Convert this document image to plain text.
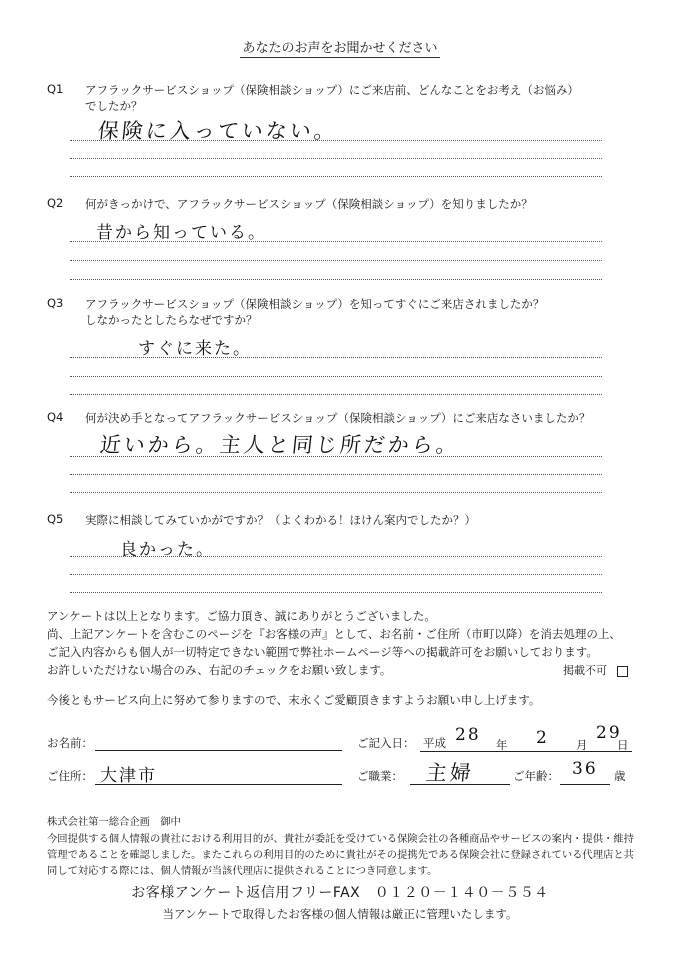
あなたのお声をお聞かせください
Q1 アフラックサービスショップ（保険相談ショップ）にご来店前、どんなことをお考え（お悩み）
でしたか？
保険に入っていない。
Q2 何がきっかけで、アフラックサービスショップ（保険相談ショップ）を知りましたか？
昔から知っている。
Q3 アフラックサービスショップ（保険相談ショップ）を知ってすぐにご来店されましたか？
しなかったとしたらなぜですか？
すぐに来た。
Q4 何が決め手となってアフラックサービスショップ（保険相談ショップ）にご来店なさいましたか？
近いから。主人と同じ所だから。
Q5 実際に相談してみていかがですか？（よくわかる！ほけん案内でしたか？）
良かった。
アンケートは以上となります。ご協力頂き、誠にありがとうございました。
尚、上記アンケートを含むこのページを『お客様の声』として、お名前・ご住所（市町以降）を消去処理の上、
ご記入内容からも個人が一切特定できない範囲で弊社ホームページ等への掲載許可をお願いしております。
お許しいただけない場合のみ、右記のチェックをお願い致します。	掲載不可
今後ともサービス向上に努めて参りますので、末永くご愛顧頂きますようお願い申し上げます。
お名前：	ご記入日： 平成 28 年 2 月
29
日
ご住所： 大津市	ご職業： 主婦	ご年齢： 36 歳
株式会社第一総合企画　御中
今回提供する個人情報の貴社における利用目的が、貴社が委託を受けている保険会社の各種商品やサービスの案内・提供・維持
管理であることを確認しました。またこれらの利用目的のために貴社がその提携先である保険会社に登録されている代理店と共
同して対応する際には、個人情報が当該代理店に提供されることにつき同意します。
お客様アンケート返信用フリーFAX　０１２０－１４０－５５４
当アンケートで取得したお客様の個人情報は厳正に管理いたします。
